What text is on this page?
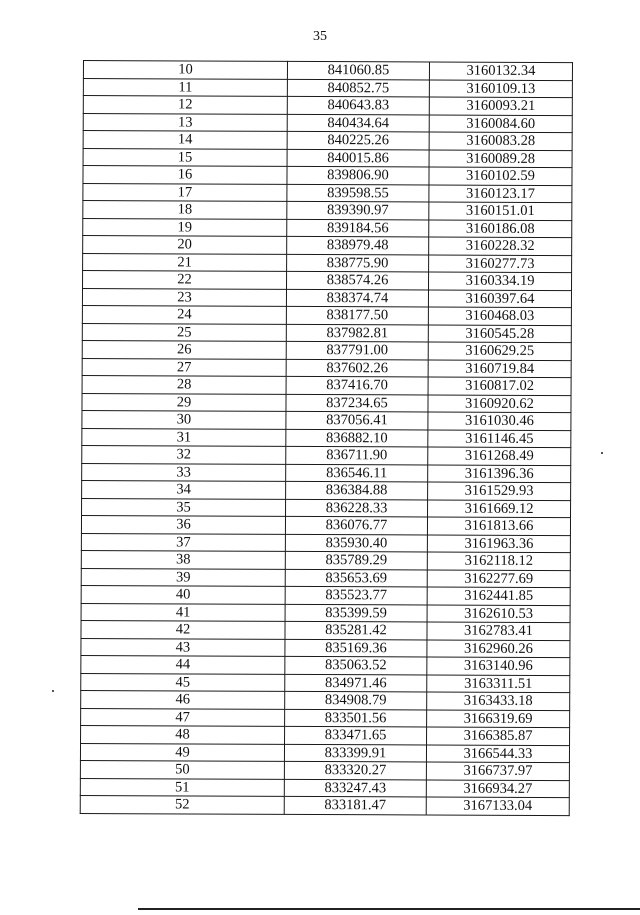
35
10	841060.85	3160132.34
11	840852.75	3160109.13
12	840643.83	3160093.21
13	840434.64	3160084.60
14	840225.26	3160083.28
15	840015.86	3160089.28
16	839806.90	3160102.59
17	839598.55	3160123.17
18	839390.97	3160151.01
19	839184.56	3160186.08
20	838979.48	3160228.32
21	838775.90	3160277.73
22	838574.26	3160334.19
23	838374.74	3160397.64
24	838177.50	3160468.03
25	837982.81	3160545.28
26	837791.00	3160629.25
27	837602.26	3160719.84
28	837416.70	3160817.02
29	837234.65	3160920.62
30	837056.41	3161030.46
31	836882.10	3161146.45
32	836711.90	3161268.49
33	836546.11	3161396.36
34	836384.88	3161529.93
35	836228.33	3161669.12
36	836076.77	3161813.66
37	835930.40	3161963.36
38	835789.29	3162118.12
39	835653.69	3162277.69
40	835523.77	3162441.85
41	835399.59	3162610.53
42	835281.42	3162783.41
43	835169.36	3162960.26
44	835063.52	3163140.96
45	834971.46	3163311.51
46	834908.79	3163433.18
47	833501.56	3166319.69
48	833471.65	3166385.87
49	833399.91	3166544.33
50	833320.27	3166737.97
51	833247.43	3166934.27
52	833181.47	3167133.04
